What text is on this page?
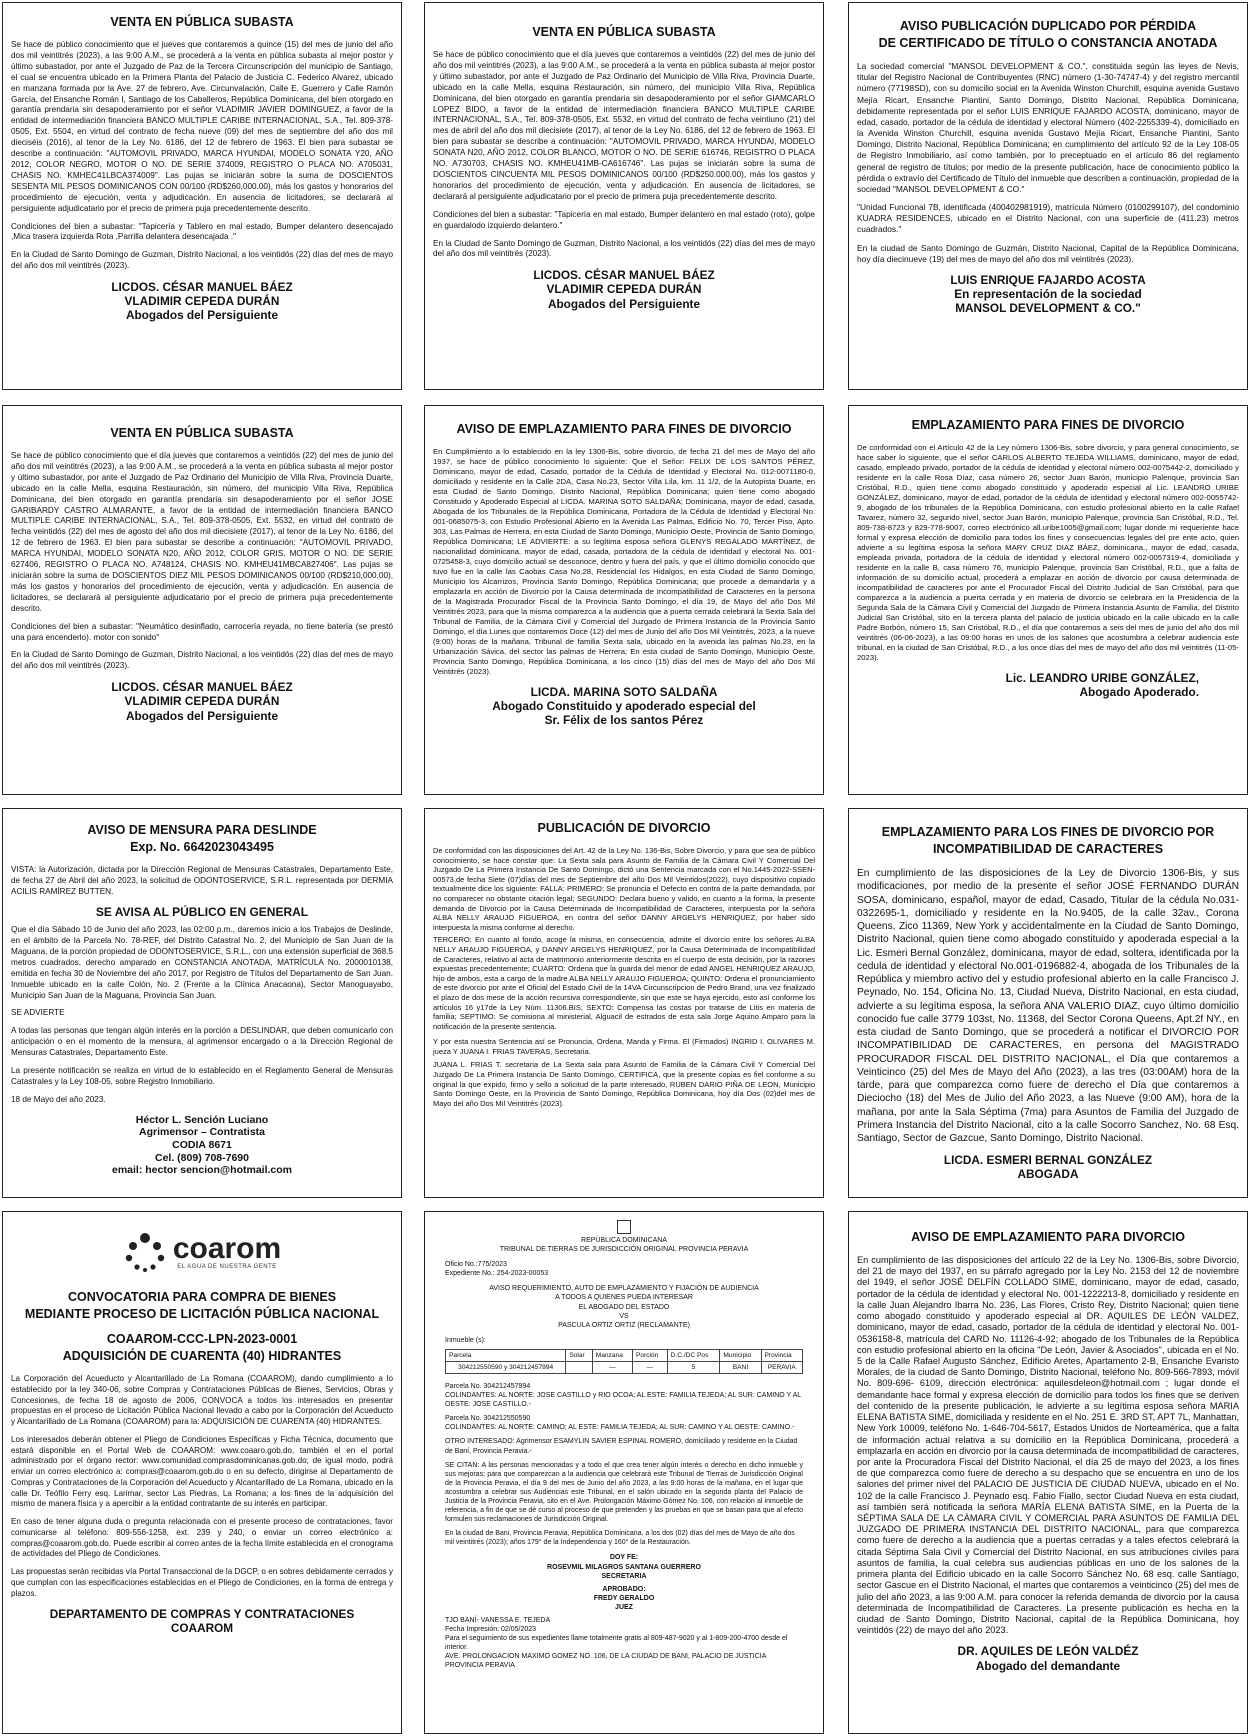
VENTA EN PÚBLICA SUBASTA
Se hace de público conocimiento que el jueves que contaremos a quince (15) del mes de junio del año dos mil veintitrés (2023), a las 9:00 A.M., se procederá a la venta en pública subasta al mejor postor y último subastador, por ante el Juzgado de Paz de la Tercera Circunscripción del municipio de Santiago, el cual se encuentra ubicado en la Primera Planta del Palacio de Justicia C. Federico Alvarez, ubicado en manzana formada por la Ave. 27 de febrero, Ave. Circunvalación, Calle E. Guerrero y Calle Ramón García, del Ensanche Román I, Santiago de los Caballeros, República Dominicana, del bien otorgado en garantía prendaria sin desapoderamiento por el señor VLADIMIR JAVIER DOMINGUEZ, a favor de la entidad de intermediación financiera BANCO MULTIPLE CARIBE INTERNACIONAL, S.A., Tel. 809-378-0505, Ext. 5504, en virtud del contrato de fecha nueve (09) del mes de septiembre del año dos mil dieciséis (2016), al tenor de la Ley No. 6186, del 12 de febrero de 1963. El bien para subastar se describe a continuación: "AUTOMOVIL PRIVADO, MARCA HYUNDAI, MODELO SONATA Y20, AÑO 2012, COLOR NEGRO, MOTOR O NO. DE SERIE 374009, REGISTRO O PLACA NO. A705031, CHASIS NO. KMHEC41LBCA374009". Las pujas se iniciarán sobre la suma de DOSCIENTOS SESENTA MIL PESOS DOMINICANOS CON 00/100 (RD$260,000.00), más los gastos y honorarios del procedimiento de ejecución, venta y adjudicación. En ausencia de licitadores, se declarará al persiguiente adjudicatario por el precio de primera puja precedentemente descrito.
Condiciones del bien a subastar: "Tapicería y Tablero en mal estado, Bumper delantero desencajado ,Mica trasera izquierda Rota ,Parrilla delantera desencajada ."
En la Ciudad de Santo Domingo de Guzman, Distrito Nacional, a los veintidós (22) días del mes de mayo del año dos mil veintitrés (2023).
LICDOS. CÉSAR MANUEL BÁEZ
VLADIMIR CEPEDA DURÁN
Abogados del Persiguiente
VENTA EN PÚBLICA SUBASTA
Se hace de público conocimiento que el día jueves que contaremos a veintidós (22) del mes de junio del año dos mil veintitrés (2023), a las 9:00 A.M., se procederá a la venta en pública subasta al mejor postor y último subastador, por ante el Juzgado de Paz Ordinario del Municipio de Villa Riva, Provincia Duarte, ubicado en la calle Mella, esquina Restauración, sin número, del municipio Villa Riva, República Dominicana, del bien otorgado en garantía prendaria sin desapoderamiento por el señor GIAMCARLO LOPEZ BIDO, a favor de la entidad de intermediación financiera BANCO MULTIPLE CARIBE INTERNACIONAL, S.A., Tel. 809-378-0505, Ext. 5532, en virtud del contrato de fecha veintiuno (21) del mes de abril del año dos mil diecisiete (2017), al tenor de la Ley No. 6186, del 12 de febrero de 1963. El bien para subastar se describe a continuación: "AUTOMOVIL PRIVADO, MARCA HYUNDAI, MODELO SONATA N20, AÑO 2012, COLOR BLANCO, MOTOR O NO. DE SERIE 616746, REGISTRO O PLACA NO. A730703, CHASIS NO. KMHEU41MB-CA616746". Las pujas se iniciarán sobre la suma de DOSCIENTOS CINCUENTA MIL PESOS DOMINICANOS 00/100 (RD$250.000.00), más los gastos y honorarios del procedimiento de ejecución, venta y adjudicación. En ausencia de licitadores, se declarará al persiguiente adjudicatario por el precio de primera puja precedentemente descrito.
Condiciones del bien a subastar: "Tapicería en mal estado, Bumper delantero en mal estado (roto), golpe en guardalodo izquierdo delantero."
En la Ciudad de Santo Domingo de Guzman, Distrito Nacional, a los veintidós (22) días del mes de mayo del año dos mil veintitrés (2023).
LICDOS. CÉSAR MANUEL BÁEZ
VLADIMIR CEPEDA DURÁN
Abogados del Persiguiente
AVISO PUBLICACIÓN DUPLICADO POR PÉRDIDA
DE CERTIFICADO DE TÍTULO O CONSTANCIA ANOTADA
La sociedad comercial "MANSOL DEVELOPMENT & CO.", constituida según las leyes de Nevis, titular del Registro Nacional de Contribuyentes (RNC) número (1-30-74747-4) y del registro mercantil número (77198SD), con su domicilio social en la Avenida Winston Churchill, esquina avenida Gustavo Mejía Ricart, Ensanche Piantini, Santo Domingo, Distrito Nacional, República Dominicana, debidamente representada por el señor LUIS ENRIQUE FAJARDO ACOSTA, dominicano, mayor de edad, casado, portador de la cédula de identidad y electoral Número (402-2255339-4), domiciliado en la Avenida Winston Churchill, esquina avenida Gustavo Mejía Ricart, Ensanche Piantini, Santo Domingo, Distrito Nacional, República Dominicana; en cumplimiento del artículo 92 de la Ley 108-05 de Registro Inmobiliario, así como también, por lo preceptuado en el artículo 86 del reglamento general de registro de títulos; por medio de la presente publicación, hace de conocimiento público la pérdida o extravío del Certificado de Título del inmueble que describen a continuación, propiedad de la sociedad "MANSOL DEVELOPMENT & CO."
"Unidad Funcional 7B, identificada (400402981919), matrícula Número (0100299107), del condominio KUADRA RESIDENCES, ubicado en el Distrito Nacional, con una superficie de (411.23) metros cuadrados."
En la ciudad de Santo Domingo de Guzmán, Distrito Nacional, Capital de la República Dominicana, hoy día diecinueve (19) del mes de mayo del año dos mil veintitrés (2023).
LUIS ENRIQUE FAJARDO ACOSTA
En representación de la sociedad
MANSOL DEVELOPMENT & CO."
VENTA EN PÚBLICA SUBASTA
Se hace de público conocimiento que el día jueves que contaremos a veintidós (22) del mes de junio del año dos mil veintitrés (2023), a las 9:00 A.M., se procederá a la venta en pública subasta al mejor postor y último subastador, por ante el Juzgado de Paz Ordinario del Municipio de Villa Riva, Provincia Duarte, ubicado en la calle Mella, esquina Restauración, sin número, del municipio Villa Riva, República Dominicana, del bien otorgado en garantía prendaria sin desapoderamiento por el señor JOSE GARIBARDY CASTRO ALMARANTE, a favor de la entidad de intermediación financiera BANCO MULTIPLE CARIBE INTERNACIONAL, S.A., Tel. 809-378-0505, Ext. 5532, en virtud del contrato de fecha veintidós (22) del mes de agosto del año dos mil diecisiete (2017), al tenor de la Ley No. 6186, del 12 de febrero de 1963. El bien para subastar se describe a continuación: "AUTOMOVIL PRIVADO, MARCA HYUNDAI, MODELO SONATA N20, AÑO 2012, COLOR GRIS, MOTOR O NO. DE SERIE 627406, REGISTRO O PLACA NO. A748124, CHASIS NO. KMHEU41MBCA827406". Las pujas se iniciarán sobre la suma de DOSCIENTOS DIEZ MIL PESOS DOMINICANOS 00/100 (RD$210,000.00), más los gastos y honorarios del procedimiento de ejecución, venta y adjudicación. En ausencia de licitadores, se declarará al persiguiente adjudicatario por el precio de primera puja precedentemente descrito.
Condiciones del bien a subastar: "Neumático desinflado, carrocería reyada, no tiene batería (se prestó una para encenderlo). motor con sonido"
En la Ciudad de Santo Domingo de Guzman, Distrito Nacional, a los veintidós (22) días del mes de mayo del año dos mil veintitrés (2023).
LICDOS. CÉSAR MANUEL BÁEZ
VLADIMIR CEPEDA DURÁN
Abogados del Persiguiente
AVISO DE EMPLAZAMIENTO PARA FINES DE DIVORCIO
En Cumplimiento a lo establecido en la ley 1306-Bis, sobre divorcio, de fecha 21 del mes de Mayo del año 1937, se hace de público conocimiento lo siguiente: Que el Señor: FELIX DE LOS SANTOS PÉREZ, Dominicano, mayor de edad, Casado, portador de la Cédula de Identidad y Electoral No. 012-0071180-0, domiciliado y residente en la Calle 2DA, Casa No.23, Sector Villa Lila, km. 11 1/2, de la Autopista Duarte, en esta Ciudad de Santo Domingo, Distrito Nacional, República Dominicana; quien tiene como abogado Constituido y Apoderado Especial al LICDA. MARINA SOTO SALDAÑA; Dominicana, mayor de edad, casada, Abogada de los Tribunales de la República Dominicana, Portadora de la Cédula de Identidad y Electoral No. 001-0685075-3, con Estudio Profesional Abierto en la Avenida Las Palmas, Edificio No. 70, Tercer Piso, Apto. 303, Las Palmas de Herrera, en esta Ciudad de Santo Domingo, Municipio Oeste, Provincia de Santo Domingo, República Dominicana; LE ADVIERTE: a su legítima esposa señora GLENYS REGALADO MARTÍNEZ, de nacionalidad dominicana, mayor de edad, casada, portadora de la cédula de identidad y electoral No. 001-0725458-3, cuyo domicilio actual se desconoce, dentro y fuera del país, y que el último domicilio conocido que tuvo fue en la calle las Caobas Casa No.28, Residencial los Hidalgos, en esta Ciudad de Santo Domingo, Municipio los Alcarrizos, Provincia Santo Domingo, República Dominicana; que procede a demandarla y a emplazarla en acción de Divorcio por la Causa determinada de Incompatibilidad de Caracteres en la persona de la Magistrada Procurador Fiscal de la Provincia Santo Domingo, el día 19, de Mayo del año Dos Mil Veintitrés 2023, para que la misma comparezca a la audiencia que a puerta cerrada celebrará la Sexta Sala del Tribunal de Familia, de la Cámara Civil y Comercial del Juzgado de Primera Instancia de la Provincia Santo Domingo, el día Lunes que contaremos Doce (12) del mes de Junio del año Dos Mil Veintitrés, 2023, a la nueve (9:00) horas de la mañana, Tribunal de familia Sexta sala, ubicado en la avenida las palmas No.23, en la Urbanización Sávica, del sector las palmas de Herrera; En esta ciudad de Santo Domingo, Municipio Oeste, Provincia Santo Domingo, República Dominicana, a los cinco (15) días del mes de Mayo del año Dos Mil Veintitrés (2023).
LICDA. MARINA SOTO SALDAÑA
Abogado Constituido y apoderado especial del
Sr. Félix de los santos Pérez
EMPLAZAMIENTO PARA FINES DE DIVORCIO
De conformidad con el Artículo 42 de la Ley número 1306-Bis, sobre divorcio, y para general conocimiento, se hace saber lo siguiente, que el señor CARLOS ALBERTO TEJEDA WILLIAMS, dominicano, mayor de edad, casado, empleado privado, portador de la cédula de identidad y electoral número 002-0075442-2, domiciliado y residente en la calle Rosa Díaz, casa número 26, sector Juan Barón, municipio Palenque, provincia San Cristóbal, R.D., quien tiene como abogado constituido y apoderado especial al Lic. LEANDRO URIBE GONZÁLEZ, dominicano, mayor de edad, portador de la cédula de identidad y electoral número 002-0055742-9, abogado de los tribunales de la República Dominicana, con estudio profesional abierto en la calle Rafael Tavarez, número 32, segundo nivel, sector Juan Barón, municipio Palenque, provincia San Cristóbal, R.D., Tel. 809-738-8723 y 829-778-9007, correo electrónico all.uribe1005@gmail.com; lugar donde mi requeriente hace formal y expresa elección de domicilio para todos los fines y consecuencias legales del pre ente acto, quien advierte a su legítima esposa la señora MARY CRUZ DIAZ BÁEZ, dominicana., mayor de edad, casada, empleada privada, portadora de la cédula de identidad y electoral número 002-0057319-4, domiciliada y residente en la calle B, casa número 76, municipio Palenque, provincia San Cristóbal, R.D., que a falta de información de su domicilio actual, procederá a emplazar en acción de divorcio por causa determinada de incompatibilidad de caracteres por ante el Procurador Fiscal del Distrito Judicial de San Cristóbal, para que comparezca a la audiencia a puerta cerrada y en materia de divorcio se celebrara en la Presidencia de la Segunda Sala de la Cámara Civil y Comercial del Juzgado de Primera Instancia Asunto de Familia, del Distrito Judicial San Cristóbal, sito en la tercera planta del palacio de justicia ubicado en la calle ubicado en la calle Padre Borbón, número 15, San Cristóbal, R.D., el día que contaremos a seis del mes de junio del año dos mil veintitrés (06-06-2023), a las 09:00 horas en unos de los salones que acostumbra a celebrar audiencia este tribunal, en la ciudad de San Cristóbal, R.D., a los once días del mes de mayo del año dos mil veintitrés (11-05-2023).
Lic. LEANDRO URIBE GONZÁLEZ,
Abogado Apoderado.
AVISO DE MENSURA PARA DESLINDE
Exp. No. 6642023043495
VISTA: la Autorización, dictada por la Dirección Regional de Mensuras Catastrales, Departamento Este, de fecha 27 de Abril del año 2023, la solicitud de ODONTOSERVICE, S.R.L. representada por DERMIA ACILIS RAMÍREZ BUTTEN.
SE AVISA AL PÚBLICO EN GENERAL
Que el día Sábado 10 de Junio del año 2023, las 02:00 p.m., daremos inicio a los Trabajos de Deslinde, en el ámbito de la Parcela No. 78-REF, del Distrito Catastral No. 2, del Municipio de San Juan de la Maguana, de la porción propiedad de ODONTOSERVICE, S.R.L., con una extensión superficial de 368.5 metros cuadrados, derecho amparado en CONSTANCIA ANOTADA, MATRÍCULA No. 2000010138, emitida en fecha 30 de Noviembre del año 2017, por Registro de Títulos del Departamento de San Juan. Inmueble ubicado en la calle Colón, No. 2 (Frente a la Clínica Anacaona), Sector Manoguayabo, Municipio San Juan de la Maguana, Provincia San Juan.
SE ADVIERTE
A todas las personas que tengan algún interés en la porción a DESLINDAR, que deben comunicarlo con anticipación o en el momento de la mensura, al agrimensor encargado o a la Dirección Regional de Mensuras Catastrales, Departamento Este.
La presente notificación se realiza en virtud de lo establecido en el Reglamento General de Mensuras Catastrales y la Ley 108-05, sobre Registro Inmobiliario.
18 de Mayo del año 2023.
Héctor L. Sención Luciano
Agrimensor – Contratista
CODIA 8671
Cel. (809) 708-7690
email: hector sencion@hotmail.com
PUBLICACIÓN DE DIVORCIO
De conformidad con las disposiciones del Art. 42 de la Ley No. 136-Bis, Sobre Divorcio, y para que sea de público conocimiento, se hace constar que: La Sexta sala para Asunto de Familia de la Cámara Civil Y Comercial Del Juzgado De La Primera Instancia De Santo Domingo, dictó una Sentencia marcada con el No.1445-2022-SSEN-00573,de fecha Siete (07)días del mes de Septiembre del año Dos Mil Veintidos(2022), cuyo dispositivo copiado textualmente dice los siguiente: FALLA: PRIMERO: Se pronuncia el Defecto en contra de la parte demandada, por no comparecer no obstante citación legal; SEGUNDO: Declara bueno y valido, en cuanto a la forma, la presente demanda de Divorcio por la Causa Determinada de Incompatibilidad de Caracteres, interpuesta por la señora ALBA NELLY ARAUJO FIGUEROA, en contra del señor DANNY ARGELYS HENRIQUEZ, por haber sido interpuesta la misma conforme al derecho.
TERCERO: En cuanto al fondo, acoge la misma, en consecuencia, admite el divorcio entre los señores ALBA NELLY ARAUJO FIGUEROA, y DANNY ARGELYS HENRIQUEZ, por la Causa Determinada de Incompatibilidad de Caracteres, relativo al acta de matrimonio anteriormente descrita en el cuerpo de esta decisión, por la razones expuestas precedentemente; CUARTO: Ordena que la guarda del menor de edad ANGEL HENRIQUEZ ARAUJO, hijo de ambos, esta a cargo de la madre ALBA NELLY ARAUJO FIGUEROA; QUINTO: Ordena el pronunciamiento de este divorcio por ante el Oficial del Estado Civil de la 14VA Circunscripcion de Pedro Brand, una vez finalizado el plazo de dos mese de la acción recursiva correspondiente, sin que este se haya ejercido, esto así conforme los artículos 16 y17de la Ley Núm. 11306.BIS; SEXTO: Compensa las costas por tratarse de Litis en materia de familia; SEPTIMO: Se comisiona al ministerial, Alguacil de estrados de esta sala Jorge Aquino Amparo para la notificación de la presente sentencia.
Y por esta nuestra Sentencia así se Pronuncia, Ordena, Manda y Firma. El (Firmados) INGRID I. OLIVARES M. jueza Y JUANA I. FRIAS TAVERAS, Secretaria.
JUANA L. FRIAS T. secretaria de La Sexta sala para Asunto de Familia de la Cámara Civil Y Comercial Del Juzgado De La Primera Instancia De Santo Domingo, CERTIFICA, que la presente copias es fiel conforme a su original la que expido, firmo y sello a solicitud de la parte interesado, RUBEN DARIO PIÑA DE LEON, Municipio Santo Domingo Oeste, en la Provincia de Santo Domingo, República Dominicana, hoy día Dos (02)del mes de Mayo del año Dos Mil Veintitrés (2023).
EMPLAZAMIENTO PARA LOS FINES DE DIVORCIO POR
INCOMPATIBILIDAD DE CARACTERES
En cumplimiento de las disposiciones de la Ley de Divorcio 1306-Bis, y sus modificaciones, por medio de la presente el señor JOSÉ FERNANDO DURÁN SOSA, dominicano, español, mayor de edad, Casado, Titular de la cédula No.031-0322695-1, domiciliado y residente en la No.9405, de la calle 32av., Corona Queens, Zico 11369, New York y accidentalmente en la Ciudad de Santo Domingo, Distrito Nacional, quien tiene como abogado constituido y apoderada especial a la Lic. Esmeri Bernal González, dominicana, mayor de edad, soltera, identificada por la cedula de identidad y electoral No.001-0196882-4, abogada de los Tribunales de la República y miembro activo del y estudio profesional abierto en la calle Francisco J. Peynado, No. 154, Oficina No. 13, Ciudad Nueva, Distrito Nacional, en esta ciudad, advierte a su legítima esposa, la señora ANA VALERIO DIAZ, cuyo último domicilio conocido fue calle 3779 103st, No. 11368, del Sector Corona Queens, Apt.2f NY., en esta ciudad de Santo Domingo, que se procederá a notificar el DIVORCIO POR INCOMPATIBILIDAD DE CARACTERES, en persona del MAGISTRADO PROCURADOR FISCAL DEL DISTRITO NACIONAL, el Día que contaremos a Veinticinco (25) del Mes de Mayo del Año (2023), a las tres (03:00AM) hora de la tarde, para que comparezca como fuere de derecho el Día que contaremos a Dieciocho (18) del Mes de Julio del Año 2023, a las Nueve (9:00 AM), hora de la mañana, por ante la Sala Séptima (7ma) para Asuntos de Familia del Juzgado de Primera Instancia del Distrito Nacional, cito a la calle Socorro Sanchez, No. 68 Esq. Santiago, Sector de Gazcue, Santo Domingo, Distrito Nacional.
LICDA. ESMERI BERNAL GONZÁLEZ
ABOGADA
coarom
EL AGUA DE NUESTRA GENTE
CONVOCATORIA PARA COMPRA DE BIENES
MEDIANTE PROCESO DE LICITACIÓN PÚBLICA NACIONAL
COAAROM-CCC-LPN-2023-0001
ADQUISICIÓN DE CUARENTA (40) HIDRANTES
La Corporación del Acueducto y Alcantarillado de La Romana (COAAROM), dando cumplimiento a lo establecido por la ley 340-06, sobre Compras y Contrataciones Públicas de Bienes, Servicios, Obras y Concesiones, de fecha 18 de agosto de 2006, CONVOCA a todos los interesados en presentar propuestas en el proceso de Licitación Pública Nacional llevado a cabo por la Corporación del Acueducto y Alcantarillado de La Romana (COAAROM) para la: ADQUISICIÓN DE CUARENTA (40) HIDRANTES.
Los interesados deberán obtener el Pliego de Condiciones Específicas y Ficha Técnica, documento que estará disponible en el Portal Web de COAAROM: www.coaaro.gob.do, también el en el portal administrado por el órgano rector: www.comunidad.comprasdominicanas.gob.do; de igual modo, podrá enviar un correo electrónico a: compras@coaarom.gob.do o en su defecto, dirigirse al Departamento de Compras y Contrataciones de la Corporación del Acueducto y Alcantarillado de La Romana, ubicado en la calle Dr. Teófilo Ferry esq. Larimar, sector Las Piedras, La Romana; a los fines de la adquisición del mismo de manera física y a apercibir a la entidad contratante de su interés en participar.
En caso de tener alguna duda o pregunta relacionada con el presente proceso de contrataciones, favor comunicarse al teléfono: 809-556-1258, ext. 239 y 240, o enviar un correo electrónico a: compras@coaarom.gob.do. Puede escribir al correo antes de la fecha límite establecida en el cronograma de actividades del Pliego de Condiciones.
Las propuestas serán recibidas vía Portal Transaccional de la DGCP, o en sobres debidamente cerrados y que cumplan con las especificaciones establecidas en el Pliego de Condiciones, en la forma de entrega y plazos.
DEPARTAMENTO DE COMPRAS Y CONTRATACIONES
COAAROM
REPÚBLICA DOMINICANA
TRIBUNAL DE TIERRAS DE JURISDICCIÓN ORIGINAL PROVINCIA PERAVIA
Oficio No.:775/2023
Expediente No.: 254-2023-00053
AVISO REQUERIMIENTO, AUTO DE EMPLAZAMIENTO Y FIJACIÓN DE AUDIENCIA
A TODOS A QUIENES PUEDA INTERESAR
EL ABOGADO DEL ESTADO
VS
PASCULA ORTIZ ORTIZ (RECLAMANTE)
Inmueble (s):
Parcela	Solar	Manzana	Porción	D.C./DC Pos	Municipio	Provincia
304212550590 y 304212457994		—	—	5	BANI	PERAVIA
Parcela No. 304212457994
COLINDANTES: AL NORTE: JOSE CASTILLO y RIO OCOA; AL ESTE: FAMILIA TEJEDA; AL SUR: CAMINO Y AL OESTE: JOSE CASTILLO.-
Parcela No. 304212550590
COLINDANTES: AL NORTE: CAMINO; AL ESTE: FAMILIA TEJEDA; AL SUR: CAMINO Y AL OESTE: CAMINO.-
OTRO INTERESADO: Agrimensor ESAMYLIN SAVIER ESPINAL ROMERO, domiciliado y residente en la Ciudad de Baní, Provincia Peravia.-
SE CITAN: A las personas mencionadas y a todo el que crea tener algún interés o derecho en dicho inmueble y sus mejoras; para que comparezcan a la audiencia que celebrará este Tribunal de Tierras de Jurisdicción Original de la Provincia Peravia, el día 9 del mes de Junio del año 2023, a las 9:00 horas de la mañana, en el lugar que acostumbra a celebrar sus Audiencias este Tribunal, en el salón ubicado en la segunda planta del Palacio de Justicia de la Provincia Peravia, sito en el Ave. Prolongación Máximo Gómez No. 106, con relación al inmueble de referencia, a fin de que se dé curso al proceso de que pretenden y las pruebas en que se basan para que al efecto formulen sus reclamaciones de Jurisdicción Original.
En la ciudad de Bani, Provincia Peravia, República Dominicana, a los dos (02) días del mes de Mayo de año dos mil veintitrés (2023); años 179° de la Independencia y 160° de la Restauración.
DOY FE:
ROSEVMIL MILAGROS SANTANA GUERRERO
SECRETARIA
APROBADO:
FREDY GERALDO
JUEZ
TJO BANÍ- VANESSA E. TEJEDA
Fecha Impresión: 02/05/2023
Para el seguimiento de sus expedientes llame totalmente gratis al 809-487-9020 y al 1-809-200-4700 desde el interior.
AVE. PROLONGACION MAXIMO GOMEZ NO. 106, DE LA CIUDAD DE BANI, PALACIO DE JUSTICIA PROVINCIA PERAVIA
AVISO DE EMPLAZAMIENTO PARA DIVORCIO
En cumplimiento de las disposiciones del artículo 22 de la Ley No. 1306-Bis, sobre Divorcio, del 21 de mayo del 1937, en su párrafo agregado por la Ley No. 2153 del 12 de noviembre del 1949, el señor JOSÉ DELFÍN COLLADO SIME, dominicano, mayor de edad, casado, portador de la cédula de identidad y electoral No. 001-1222213-8, domiciliado y residente en la calle Juan Alejandro Ibarra No. 236, Las Flores, Cristo Rey, Distrito Nacional; quien tiene como abogado constituido y apoderado especial al DR. AQUILES DE LEÓN VALDEZ, dominicano, mayor de edad, casado, portador de la cédula de identidad y electoral No. 001-0536158-8, matrícula del CARD No. 11126-4-92; abogado de los Tribunales de la República con estudio profesional abierto en la oficina "De León, Javier & Asociados", ubicada en el No. 5 de la Calle Rafael Augusto Sánchez, Edificio Aretes, Apartamento 2-B, Ensanche Evaristo Morales, de la ciudad de Santo Domingo, Distrito Nacional, teléfono No. 809-566-7893, móvil No. 809-696- 6109, dirección electrónica: aquilesdeleon@hotmail.com ; lugar donde el demandante hace formal y expresa elección de domicilio para todos los fines que se deriven del contenido de la presente publicación, le advierte a su legítima esposa señora MARIA ELENA BATISTA SIME, domiciliada y residente en el No. 251 E. 3RD ST, APT 7L, Manhattan, New York 10009, teléfono No. 1-646-704-5617, Estados Unidos de Norteamérica, que a falta de información actual relativa a su domicilio en la República Dominicana, procederá a emplazarla en acción en divorcio por la causa determinada de incompatibilidad de caracteres, por ante la Procuradora Fiscal del Distrito Nacional, el día 25 de mayo del 2023, a los fines de que comparezca como fuere de derecho a su despacho que se encuentra en uno de los salones del primer nivel del PALACIO DE JUSTICIA DE CIUDAD NUEVA, ubicado en el No. 102 de la calle Francisco J. Peynado esq. Fabio Fiallo, sector Ciudad Nueva en esta ciudad, así también será notificada la señora MARÍA ELENA BATISTA SIME, en la Puerta de la SÉPTIMA SALA DE LA CÁMARA CIVIL Y COMERCIAL PARA ASUNTOS DE FAMILIA DEL JUZGADO DE PRIMERA INSTANCIA DEL DISTRITO NACIONAL, para que comparezca como fuere de derecho a la audiencia que a puertas cerradas y a tales efectos celebrará la citada Séptima Sala Civil y Comercial del Distrito Nacional, en sus atribuciones civiles para asuntos de familia, la cual celebra sus audiencias públicas en uno de los salones de la primera planta del Edificio ubicado en la calle Socorro Sánchez No. 68 esq. calle Santiago, sector Gascue en el Distrito Nacional, el martes que contaremos a veinticinco (25) del mes de julio del año 2023, a las 9:00 A.M. para conocer la referida demanda de divorcio por la causa determinada de Incompatibilidad de Caracteres. La presente publicación es hecha en la ciudad de Santo Domingo, Distrito Nacional, capital de la República Dominicana, hoy veintidós (22) de mayo del año 2023.
DR. AQUILES DE LEÓN VALDÉZ
Abogado del demandante
